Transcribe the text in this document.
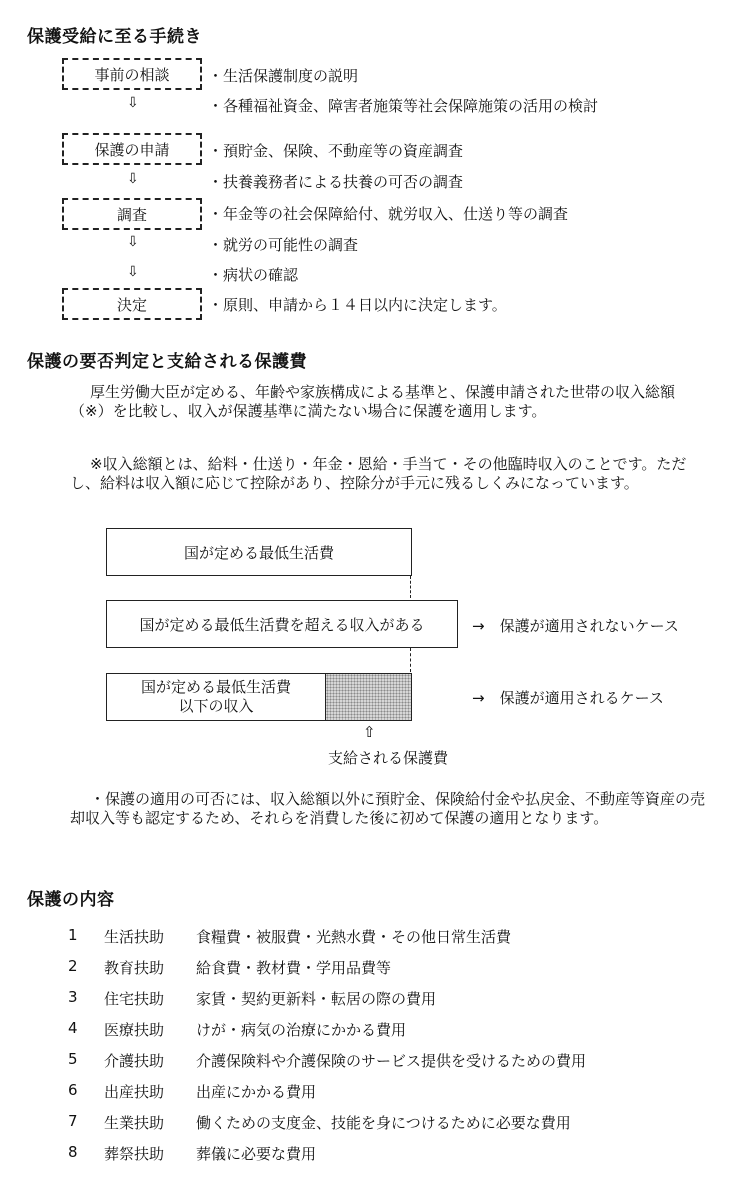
保護受給に至る手続き
事前の相談	・生活保護制度の説明
⇩	・各種福祉資金、障害者施策等社会保障施策の活用の検討
保護の申請	・預貯金、保険、不動産等の資産調査
⇩	・扶養義務者による扶養の可否の調査
調査	・年金等の社会保障給付、就労収入、仕送り等の調査
⇩	・就労の可能性の調査
⇩	・病状の確認
決定	・原則、申請から１４日以内に決定します。
保護の要否判定と支給される保護費
厚生労働大臣が定める、年齢や家族構成による基準と、保護申請された世帯の収入総額（※）を比較し、収入が保護基準に満たない場合に保護を適用します。
※収入総額とは、給料・仕送り・年金・恩給・手当て・その他臨時収入のことです。ただし、給料は収入額に応じて控除があり、控除分が手元に残るしくみになっています。
国が定める最低生活費
国が定める最低生活費を超える収入がある	→　保護が適用されないケース
国が定める最低生活費
以下の収入	→　保護が適用されるケース
⇧
支給される保護費
・保護の適用の可否には、収入総額以外に預貯金、保険給付金や払戻金、不動産等資産の売却収入等も認定するため、それらを消費した後に初めて保護の適用となります。
保護の内容
1 生活扶助 食糧費・被服費・光熱水費・その他日常生活費
2 教育扶助 給食費・教材費・学用品費等
3 住宅扶助 家賃・契約更新料・転居の際の費用
4 医療扶助 けが・病気の治療にかかる費用
5 介護扶助 介護保険料や介護保険のサービス提供を受けるための費用
6 出産扶助 出産にかかる費用
7 生業扶助 働くための支度金、技能を身につけるために必要な費用
8 葬祭扶助 葬儀に必要な費用
